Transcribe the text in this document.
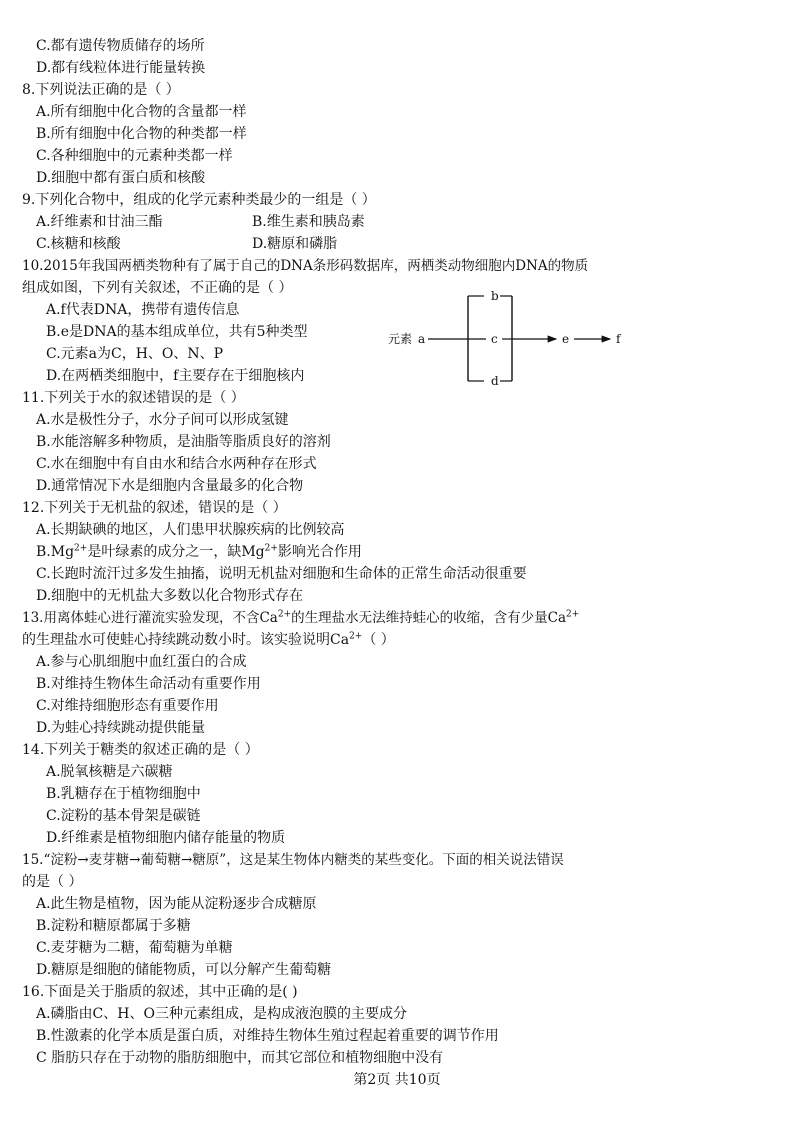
C.都有遗传物质储存的场所
D.都有线粒体进行能量转换
8.下列说法正确的是（ ）
A.所有细胞中化合物的含量都一样
B.所有细胞中化合物的种类都一样
C.各种细胞中的元素种类都一样
D.细胞中都有蛋白质和核酸
9.下列化合物中，组成的化学元素种类最少的一组是（ ）
A.纤维素和甘油三酯	B.维生素和胰岛素
C.核糖和核酸	D.糖原和磷脂
10.2015年我国两栖类物种有了属于自己的DNA条形码数据库，两栖类动物细胞内DNA的物质
组成如图，下列有关叙述，不正确的是（ ）
A.f代表DNA，携带有遗传信息
B.e是DNA的基本组成单位，共有5种类型
C.元素a为C，H、O、N、P
D.在两栖类细胞中，f主要存在于细胞核内
元素 a
b
c
d
e	f
11.下列关于水的叙述错误的是（ ）
A.水是极性分子，水分子间可以形成氢键
B.水能溶解多种物质，是油脂等脂质良好的溶剂
C.水在细胞中有自由水和结合水两种存在形式
D.通常情况下水是细胞内含量最多的化合物
12.下列关于无机盐的叙述，错误的是（ ）
A.长期缺碘的地区，人们患甲状腺疾病的比例较高
$B.Mg^{2+}$是叶绿素的成分之一，缺$Mg^{2+}$影响光合作用
C.长跑时流汗过多发生抽搐，说明无机盐对细胞和生命体的正常生命活动很重要
D.细胞中的无机盐大多数以化合物形式存在
13.用离体蛙心进行灌流实验发现，不含$Ca^{2+}$的生理盐水无法维持蛙心的收缩，含有少量$Ca^{2+}$
的生理盐水可使蛙心持续跳动数小时。该实验说明$Ca^{2+}$（ ）
A.参与心肌细胞中血红蛋白的合成
B.对维持生物体生命活动有重要作用
C.对维持细胞形态有重要作用
D.为蛙心持续跳动提供能量
14.下列关于糖类的叙述正确的是（ ）
A.脱氧核糖是六碳糖
B.乳糖存在于植物细胞中
C.淀粉的基本骨架是碳链
D.纤维素是植物细胞内储存能量的物质
15.“淀粉→麦芽糖→葡萄糖→糖原”，这是某生物体内糖类的某些变化。下面的相关说法错误
的是（ ）
A.此生物是植物，因为能从淀粉逐步合成糖原
B.淀粉和糖原都属于多糖
C.麦芽糖为二糖，葡萄糖为单糖
D.糖原是细胞的储能物质，可以分解产生葡萄糖
16.下面是关于脂质的叙述，其中正确的是( )
A.磷脂由C、H、O三种元素组成，是构成液泡膜的主要成分
B.性激素的化学本质是蛋白质，对维持生物体生殖过程起着重要的调节作用
C 脂肪只存在于动物的脂肪细胞中，而其它部位和植物细胞中没有
第2页 共10页
